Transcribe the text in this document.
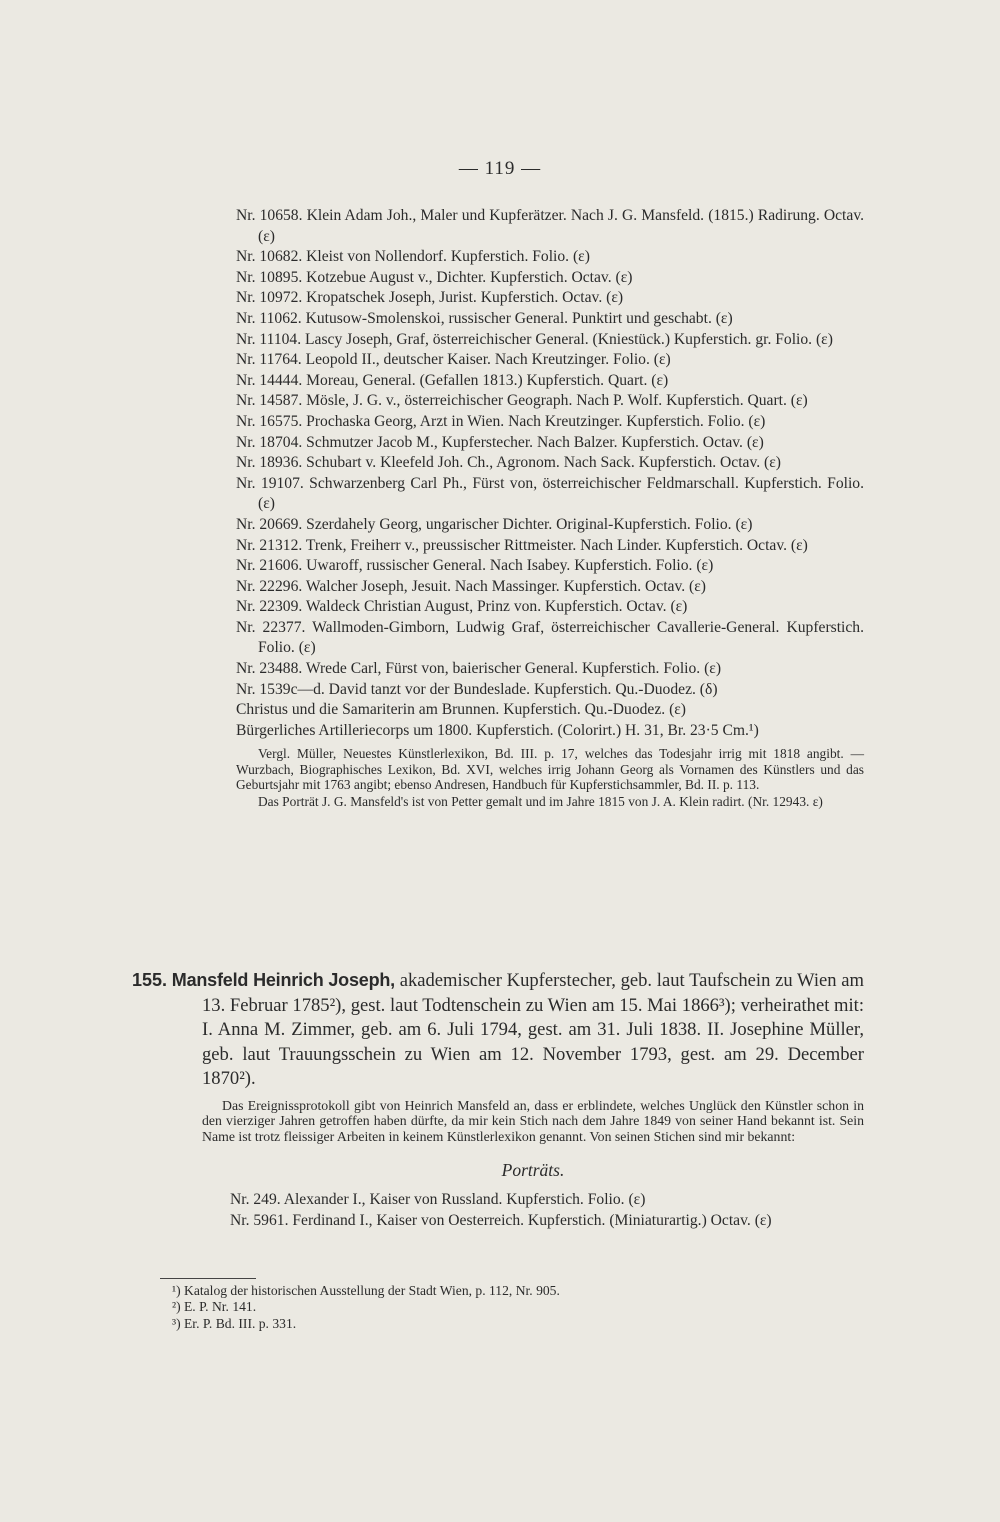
— 119 —
Nr. 10658. Klein Adam Joh., Maler und Kupferätzer. Nach J. G. Mansfeld. (1815.) Radirung. Octav. (ε)
Nr. 10682. Kleist von Nollendorf. Kupferstich. Folio. (ε)
Nr. 10895. Kotzebue August v., Dichter. Kupferstich. Octav. (ε)
Nr. 10972. Kropatschek Joseph, Jurist. Kupferstich. Octav. (ε)
Nr. 11062. Kutusow-Smolenskoi, russischer General. Punktirt und geschabt. (ε)
Nr. 11104. Lascy Joseph, Graf, österreichischer General. (Kniestück.) Kupferstich. gr. Folio. (ε)
Nr. 11764. Leopold II., deutscher Kaiser. Nach Kreutzinger. Folio. (ε)
Nr. 14444. Moreau, General. (Gefallen 1813.) Kupferstich. Quart. (ε)
Nr. 14587. Mösle, J. G. v., österreichischer Geograph. Nach P. Wolf. Kupferstich. Quart. (ε)
Nr. 16575. Prochaska Georg, Arzt in Wien. Nach Kreutzinger. Kupferstich. Folio. (ε)
Nr. 18704. Schmutzer Jacob M., Kupferstecher. Nach Balzer. Kupferstich. Octav. (ε)
Nr. 18936. Schubart v. Kleefeld Joh. Ch., Agronom. Nach Sack. Kupferstich. Octav. (ε)
Nr. 19107. Schwarzenberg Carl Ph., Fürst von, österreichischer Feldmarschall. Kupferstich. Folio. (ε)
Nr. 20669. Szerdahely Georg, ungarischer Dichter. Original-Kupferstich. Folio. (ε)
Nr. 21312. Trenk, Freiherr v., preussischer Rittmeister. Nach Linder. Kupferstich. Octav. (ε)
Nr. 21606. Uwaroff, russischer General. Nach Isabey. Kupferstich. Folio. (ε)
Nr. 22296. Walcher Joseph, Jesuit. Nach Massinger. Kupferstich. Octav. (ε)
Nr. 22309. Waldeck Christian August, Prinz von. Kupferstich. Octav. (ε)
Nr. 22377. Wallmoden-Gimborn, Ludwig Graf, österreichischer Cavallerie-General. Kupferstich. Folio. (ε)
Nr. 23488. Wrede Carl, Fürst von, baierischer General. Kupferstich. Folio. (ε)
Nr. 1539c—d. David tanzt vor der Bundeslade. Kupferstich. Qu.-Duodez. (δ)
Christus und die Samariterin am Brunnen. Kupferstich. Qu.-Duodez. (ε)
Bürgerliches Artilleriecorps um 1800. Kupferstich. (Colorirt.) H. 31, Br. 23·5 Cm.¹)
Vergl. Müller, Neuestes Künstlerlexikon, Bd. III. p. 17, welches das Todesjahr irrig mit 1818 angibt. — Wurzbach, Biographisches Lexikon, Bd. XVI, welches irrig Johann Georg als Vornamen des Künstlers und das Geburtsjahr mit 1763 angibt; ebenso Andresen, Handbuch für Kupferstichsammler, Bd. II. p. 113.
Das Porträt J. G. Mansfeld's ist von Petter gemalt und im Jahre 1815 von J. A. Klein radirt. (Nr. 12943. ε)
155. Mansfeld Heinrich Joseph, akademischer Kupferstecher, geb. laut Taufschein zu Wien am 13. Februar 1785²), gest. laut Todtenschein zu Wien am 15. Mai 1866³); verheirathet mit: I. Anna M. Zimmer, geb. am 6. Juli 1794, gest. am 31. Juli 1838. II. Josephine Müller, geb. laut Trauungsschein zu Wien am 12. November 1793, gest. am 29. December 1870²).
Das Ereignissprotokoll gibt von Heinrich Mansfeld an, dass er erblindete, welches Unglück den Künstler schon in den vierziger Jahren getroffen haben dürfte, da mir kein Stich nach dem Jahre 1849 von seiner Hand bekannt ist. Sein Name ist trotz fleissiger Arbeiten in keinem Künstlerlexikon genannt. Von seinen Stichen sind mir bekannt:
Porträts.
Nr. 249. Alexander I., Kaiser von Russland. Kupferstich. Folio. (ε)
Nr. 5961. Ferdinand I., Kaiser von Oesterreich. Kupferstich. (Miniaturartig.) Octav. (ε)
¹) Katalog der historischen Ausstellung der Stadt Wien, p. 112, Nr. 905.
²) E. P. Nr. 141.
³) Er. P. Bd. III. p. 331.
